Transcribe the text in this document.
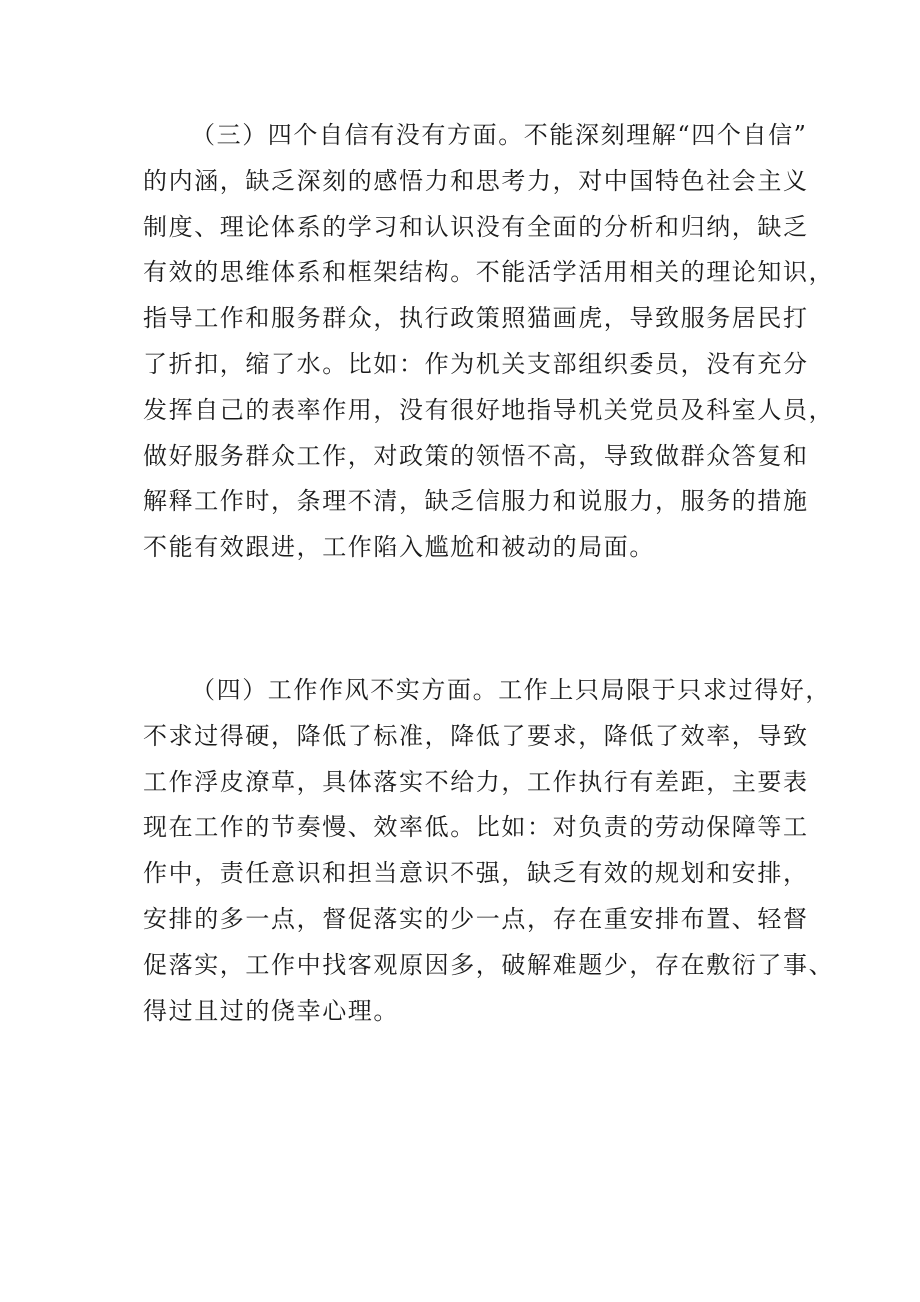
（三）四个自信有没有方面。不能深刻理解“四个自信”
的内涵，缺乏深刻的感悟力和思考力，对中国特色社会主义
制度、理论体系的学习和认识没有全面的分析和归纳，缺乏
有效的思维体系和框架结构。不能活学活用相关的理论知识，
指导工作和服务群众，执行政策照猫画虎，导致服务居民打
了折扣，缩了水。比如：作为机关支部组织委员，没有充分
发挥自己的表率作用，没有很好地指导机关党员及科室人员，
做好服务群众工作，对政策的领悟不高，导致做群众答复和
解释工作时，条理不清，缺乏信服力和说服力，服务的措施
不能有效跟进，工作陷入尴尬和被动的局面。
（四）工作作风不实方面。工作上只局限于只求过得好，
不求过得硬，降低了标准，降低了要求，降低了效率，导致
工作浮皮潦草，具体落实不给力，工作执行有差距，主要表
现在工作的节奏慢、效率低。比如：对负责的劳动保障等工
作中，责任意识和担当意识不强，缺乏有效的规划和安排，
安排的多一点，督促落实的少一点，存在重安排布置、轻督
促落实，工作中找客观原因多，破解难题少，存在敷衍了事、
得过且过的侥幸心理。
